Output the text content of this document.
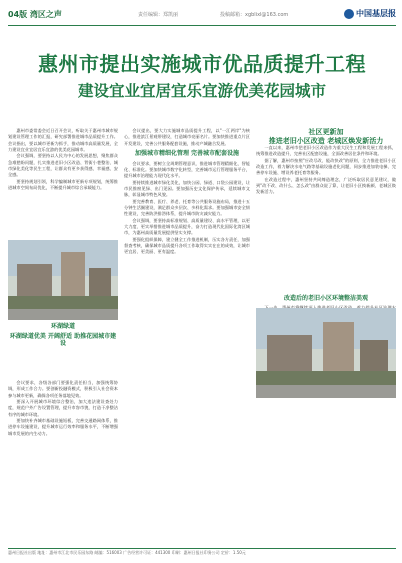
04版 湾区之声	责任编辑：郑凯丽	投稿邮箱：xgblixl@163.com	中国基层报
惠州市提出实施城市优品质提升工程
建设宜业宜居宜乐宜游优美花园城市

惠州市委常委会近日召开会议，听取关于惠州市城市规划建设管理工作的汇报，研究部署推进城市品质提升工作。会议指出，要以城市更新为抓手，推动城市高质量发展，全力建设宜业宜居宜乐宜游的优美花园城市。

会议强调，要坚持以人民为中心的发展思想，聚焦群众急难愁盼问题，扎实推进老旧小区改造、背街小巷整治、城市绿化美化等民生工程，让群众有更多获得感、幸福感、安全感。

要坚持规划引领，科学编制城市更新专项规划，统筹推进城市空间布局优化，不断提升城市综合承载能力。

环湖绿道
环湖绿道优美 开阔舒适 助推花园城市建设

会议要求，各级各部门要强化责任担当，加强统筹协调，形成工作合力。要创新投融资模式，积极引入社会资本参与城市更新，确保各项任务落地见效。

要深入开展城市环境综合整治，加大违法建设查处力度，规范户外广告设置管理，提升市容市貌，打造干净整洁有序的城市环境。

要加快补齐城市基础设施短板，完善交通路网体系，推进停车设施建设，提升城市运行效率和服务水平，不断增强城市发展的内生动力。

会议提出，要大力实施城市品质提升工程，以"一江两岸"为核心，推进滨江景观带建设，打造城市亮丽名片。要加快推进重点片区开发建设，完善公共服务配套设施，推动产城融合发展。

加强城市精细化管理 完善城市配套设施

会议要求，要树立全周期管理意识，推进城市管理精细化、智能化、标准化。要加快城市数字化转型，完善城市运行管理服务平台，提升城市治理能力现代化水平。

要持续推进城市绿化美化，加快公园、绿道、口袋公园建设，让市民推窗见绿、出门见园。要加强历史文化保护传承，延续城市文脉，彰显城市特色风貌。

要完善教育、医疗、养老、托育等公共服务设施布局，推进十五分钟生活圈建设，满足群众多层次、多样化需求。要加强城市安全韧性建设，完善防洪排涝体系，提升城市防灾减灾能力。

会议强调，要坚持高标准规划、高质量建设、高水平管理，以更大力度、更实举措推进城市品质提升，奋力打造现代化国际化湾区城市，为惠州高质量发展提供坚实支撑。

要强化组织保障，建立健全工作推进机制，压实各方责任，加强督查考核，确保城市品质提升各项工作取得实实在在的成效，让城市更宜居、更美丽、更有温度。

社区更新加
推进老旧小区改造 老城区焕发新活力

一直以来，惠州市把老旧小区改造作为重大民生工程和发展工程来抓，统筹推进改造提升，完善社区配套设施，全面改善居住条件和环境。

据了解，惠州市按照"应改尽改、能改快改"的原则，全力推进老旧小区改造工作，着力解决水电气路等基础设施老化问题，同步推进加装电梯、完善停车设施、增设养老托育等服务。

在改造过程中，惠州坚持共同缔造理念，广泛听取居民意见建议，做到"改不改、改什么、怎么改"由群众说了算，让老旧小区换新颜、老城区焕发新活力。

改造后的老旧小区环境整洁美观

惠州日报社出版 地址：惠州市江北市民乐园东路 邮编：516003 广告经营许可证：441300 印刷：惠州日报社印务公司 定价：1.50元
